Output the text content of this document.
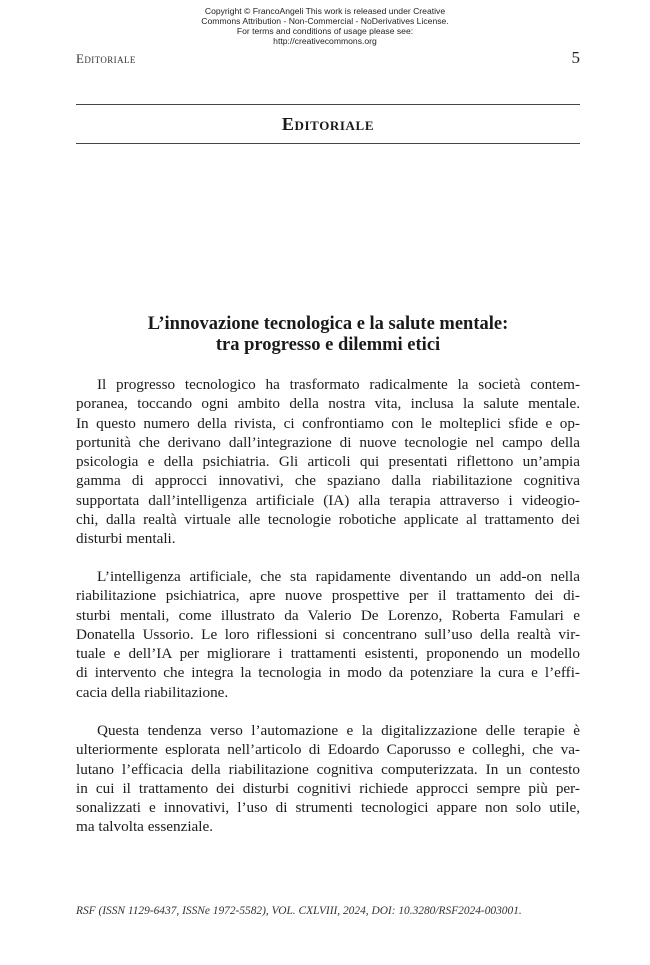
Copyright © FrancoAngeli This work is released under Creative
Commons Attribution - Non-Commercial - NoDerivatives License.
For terms and conditions of usage please see:
http://creativecommons.org
Editoriale	5
Editoriale
L’innovazione tecnologica e la salute mentale:
tra progresso e dilemmi etici
Il progresso tecnologico ha trasformato radicalmente la società contem-
poranea, toccando ogni ambito della nostra vita, inclusa la salute mentale.
In questo numero della rivista, ci confrontiamo con le molteplici sfide e op-
portunità che derivano dall’integrazione di nuove tecnologie nel campo della
psicologia e della psichiatria. Gli articoli qui presentati riflettono un’ampia
gamma di approcci innovativi, che spaziano dalla riabilitazione cognitiva
supportata dall’intelligenza artificiale (IA) alla terapia attraverso i videogio-
chi, dalla realtà virtuale alle tecnologie robotiche applicate al trattamento dei
disturbi mentali.
L’intelligenza artificiale, che sta rapidamente diventando un add-on nella
riabilitazione psichiatrica, apre nuove prospettive per il trattamento dei di-
sturbi mentali, come illustrato da Valerio De Lorenzo, Roberta Famulari e
Donatella Ussorio. Le loro riflessioni si concentrano sull’uso della realtà vir-
tuale e dell’IA per migliorare i trattamenti esistenti, proponendo un modello
di intervento che integra la tecnologia in modo da potenziare la cura e l’effi-
cacia della riabilitazione.
Questa tendenza verso l’automazione e la digitalizzazione delle terapie è
ulteriormente esplorata nell’articolo di Edoardo Caporusso e colleghi, che va-
lutano l’efficacia della riabilitazione cognitiva computerizzata. In un contesto
in cui il trattamento dei disturbi cognitivi richiede approcci sempre più per-
sonalizzati e innovativi, l’uso di strumenti tecnologici appare non solo utile,
ma talvolta essenziale.
RSF (ISSN 1129-6437, ISSNe 1972-5582), VOL. CXLVIII, 2024, DOI: 10.3280/RSF2024-003001.
